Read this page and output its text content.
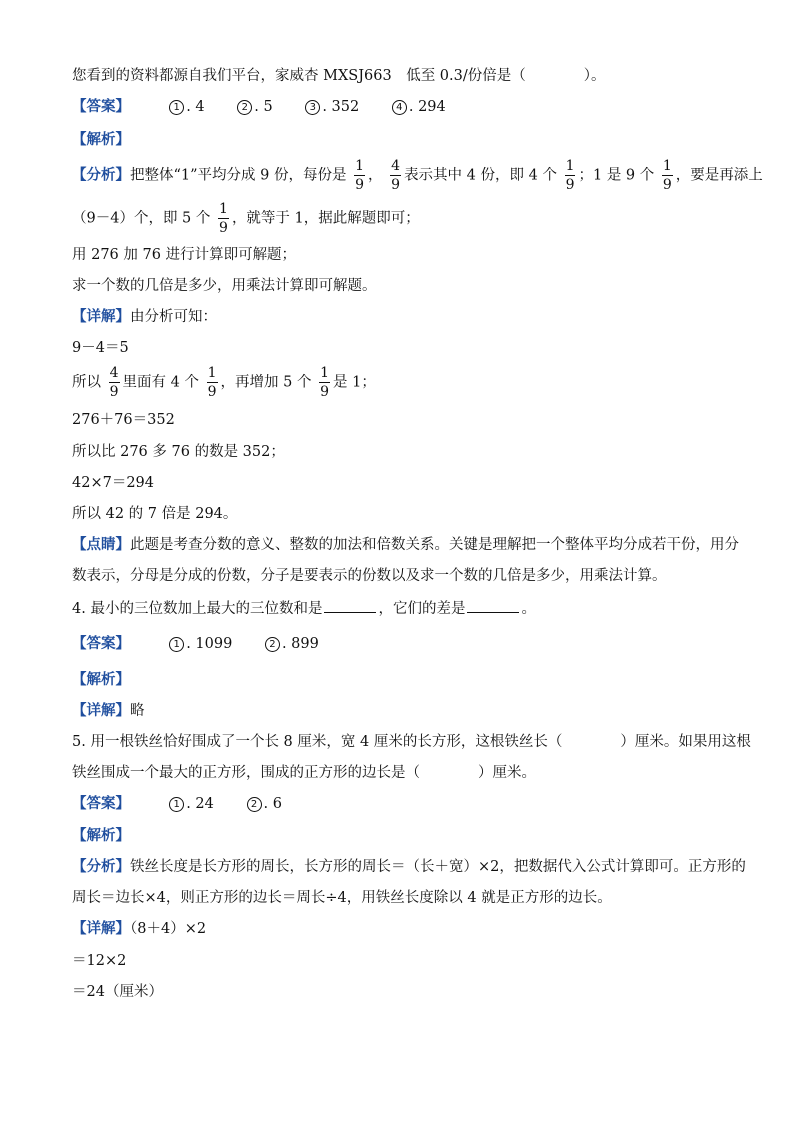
您看到的资料都源自我们平台，家威杏 MXSJ663　低至 0.3/份倍是（	）。
【答案】	1 . 4	2 . 5	3 . 352	4 . 294
【解析】
【分析】把整体“1”平均分成 9 份，每份是 $\frac{1}{9}$ ， $\frac{4}{9}$ 表示其中 4 份，即 4 个 $\frac{1}{9}$ ；1 是 9 个 $\frac{1}{9}$ ，要是再添上
（9－4）个，即 5 个 $\frac{1}{9}$ ，就等于 1，据此解题即可；
用 276 加 76 进行计算即可解题；
求一个数的几倍是多少，用乘法计算即可解题。
【详解】由分析可知：
9－4＝5
所以 $\frac{4}{9}$ 里面有 4 个 $\frac{1}{9}$ ，再增加 5 个 $\frac{1}{9}$ 是 1；
276＋76＝352
所以比 276 多 76 的数是 352；
42×7＝294
所以 42 的 7 倍是 294。
【点睛】此题是考查分数的意义、整数的加法和倍数关系。关键是理解把一个整体平均分成若干份，用分
数表示，分母是分成的份数，分子是要表示的份数以及求一个数的几倍是多少，用乘法计算。
4. 最小的三位数加上最大的三位数和是	，它们的差是	。
【答案】	1 . 1099	2 . 899
【解析】
【详解】略
5. 用一根铁丝恰好围成了一个长 8 厘米，宽 4 厘米的长方形，这根铁丝长（	）厘米。如果用这根
铁丝围成一个最大的正方形，围成的正方形的边长是（	）厘米。
【答案】	1 . 24	2 . 6
【解析】
【分析】铁丝长度是长方形的周长，长方形的周长＝（长＋宽）×2，把数据代入公式计算即可。正方形的
周长＝边长×4，则正方形的边长＝周长÷4，用铁丝长度除以 4 就是正方形的边长。
【详解】（8＋4）×2
＝12×2
＝24（厘米）
